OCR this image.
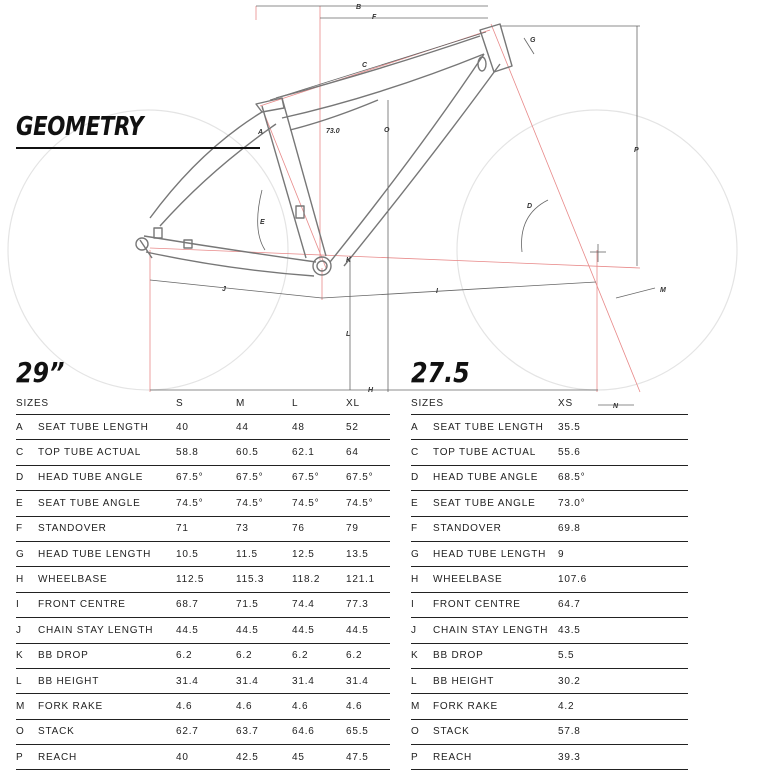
B
F
G
C
A
P
O
D
E
K
J	I	M
L
H
N
73.0
GEOMETRY
29”	27.5
SIZES		S	M	L	XL
A	SEAT TUBE LENGTH	40	44	48	52
C	TOP TUBE ACTUAL	58.8	60.5	62.1	64
D	HEAD TUBE ANGLE	67.5°	67.5°	67.5°	67.5°
E	SEAT TUBE ANGLE	74.5°	74.5°	74.5°	74.5°
F	STANDOVER	71	73	76	79
G	HEAD TUBE LENGTH	10.5	11.5	12.5	13.5
H	WHEELBASE	112.5	115.3	118.2	121.1
I	FRONT CENTRE	68.7	71.5	74.4	77.3
J	CHAIN STAY LENGTH	44.5	44.5	44.5	44.5
K	BB DROP	6.2	6.2	6.2	6.2
L	BB HEIGHT	31.4	31.4	31.4	31.4
M	FORK RAKE	4.6	4.6	4.6	4.6
O	STACK	62.7	63.7	64.6	65.5
P	REACH	40	42.5	45	47.5
SIZES		XS
A	SEAT TUBE LENGTH	35.5
C	TOP TUBE ACTUAL	55.6
D	HEAD TUBE ANGLE	68.5°
E	SEAT TUBE ANGLE	73.0°
F	STANDOVER	69.8
G	HEAD TUBE LENGTH	9
H	WHEELBASE	107.6
I	FRONT CENTRE	64.7
J	CHAIN STAY LENGTH	43.5
K	BB DROP	5.5
L	BB HEIGHT	30.2
M	FORK RAKE	4.2
O	STACK	57.8
P	REACH	39.3
